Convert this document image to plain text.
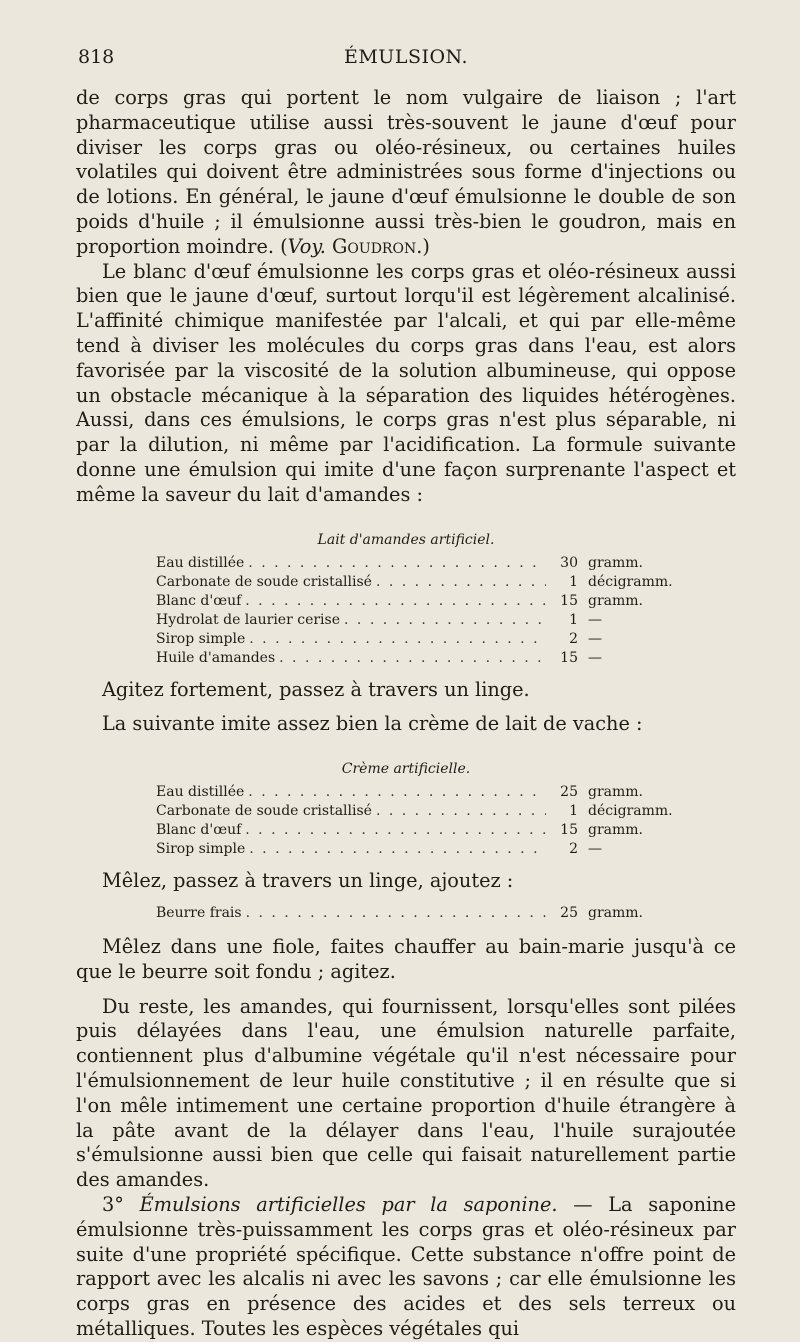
818	ÉMULSION.

de corps gras qui portent le nom vulgaire de liaison ; l'art pharmaceutique utilise aussi très-souvent le jaune d'œuf pour diviser les corps gras ou oléo-résineux, ou certaines huiles volatiles qui doivent être administrées sous forme d'injections ou de lotions. En général, le jaune d'œuf émulsionne le double de son poids d'huile ; il émulsionne aussi très-bien le goudron, mais en proportion moindre. (Voy. Goudron.)

Le blanc d'œuf émulsionne les corps gras et oléo-résineux aussi bien que le jaune d'œuf, surtout lorqu'il est légèrement alcalinisé. L'affinité chimique manifestée par l'alcali, et qui par elle-même tend à diviser les molécules du corps gras dans l'eau, est alors favorisée par la viscosité de la solution albumineuse, qui oppose un obstacle mécanique à la séparation des liquides hétérogènes. Aussi, dans ces émulsions, le corps gras n'est plus séparable, ni par la dilution, ni même par l'acidification. La formule suivante donne une émulsion qui imite d'une façon surprenante l'aspect et même la saveur du lait d'amandes :

Lait d'amandes artificiel.
Eau distillée . . .	30 gramm.
Carbonate de soude cristallisé . . .	1 décigramm.
Blanc d'œuf . . .	15 gramm.
Hydrolat de laurier cerise . . .	1 —
Sirop simple . . .	2 —
Huile d'amandes . . .	15 —

Agitez fortement, passez à travers un linge.

La suivante imite assez bien la crème de lait de vache :

Crème artificielle.
Eau distillée . . .	25 gramm.
Carbonate de soude cristallisé . . .	1 décigramm.
Blanc d'œuf . . .	15 gramm.
Sirop simple . . .	2 —

Mêlez, passez à travers un linge, ajoutez :

Beurre frais . . .	25 gramm.

Mêlez dans une fiole, faites chauffer au bain-marie jusqu'à ce que le beurre soit fondu ; agitez.

Du reste, les amandes, qui fournissent, lorsqu'elles sont pilées puis délayées dans l'eau, une émulsion naturelle parfaite, contiennent plus d'albumine végétale qu'il n'est nécessaire pour l'émulsionnement de leur huile constitutive ; il en résulte que si l'on mêle intimement une certaine proportion d'huile étrangère à la pâte avant de la délayer dans l'eau, l'huile surajoutée s'émulsionne aussi bien que celle qui faisait naturellement partie des amandes.

3° Émulsions artificielles par la saponine. — La saponine émulsionne très-puissamment les corps gras et oléo-résineux par suite d'une propriété spécifique. Cette substance n'offre point de rapport avec les alcalis ni avec les savons ; car elle émulsionne les corps gras en présence des acides et des sels terreux ou métalliques. Toutes les espèces végétales qui
